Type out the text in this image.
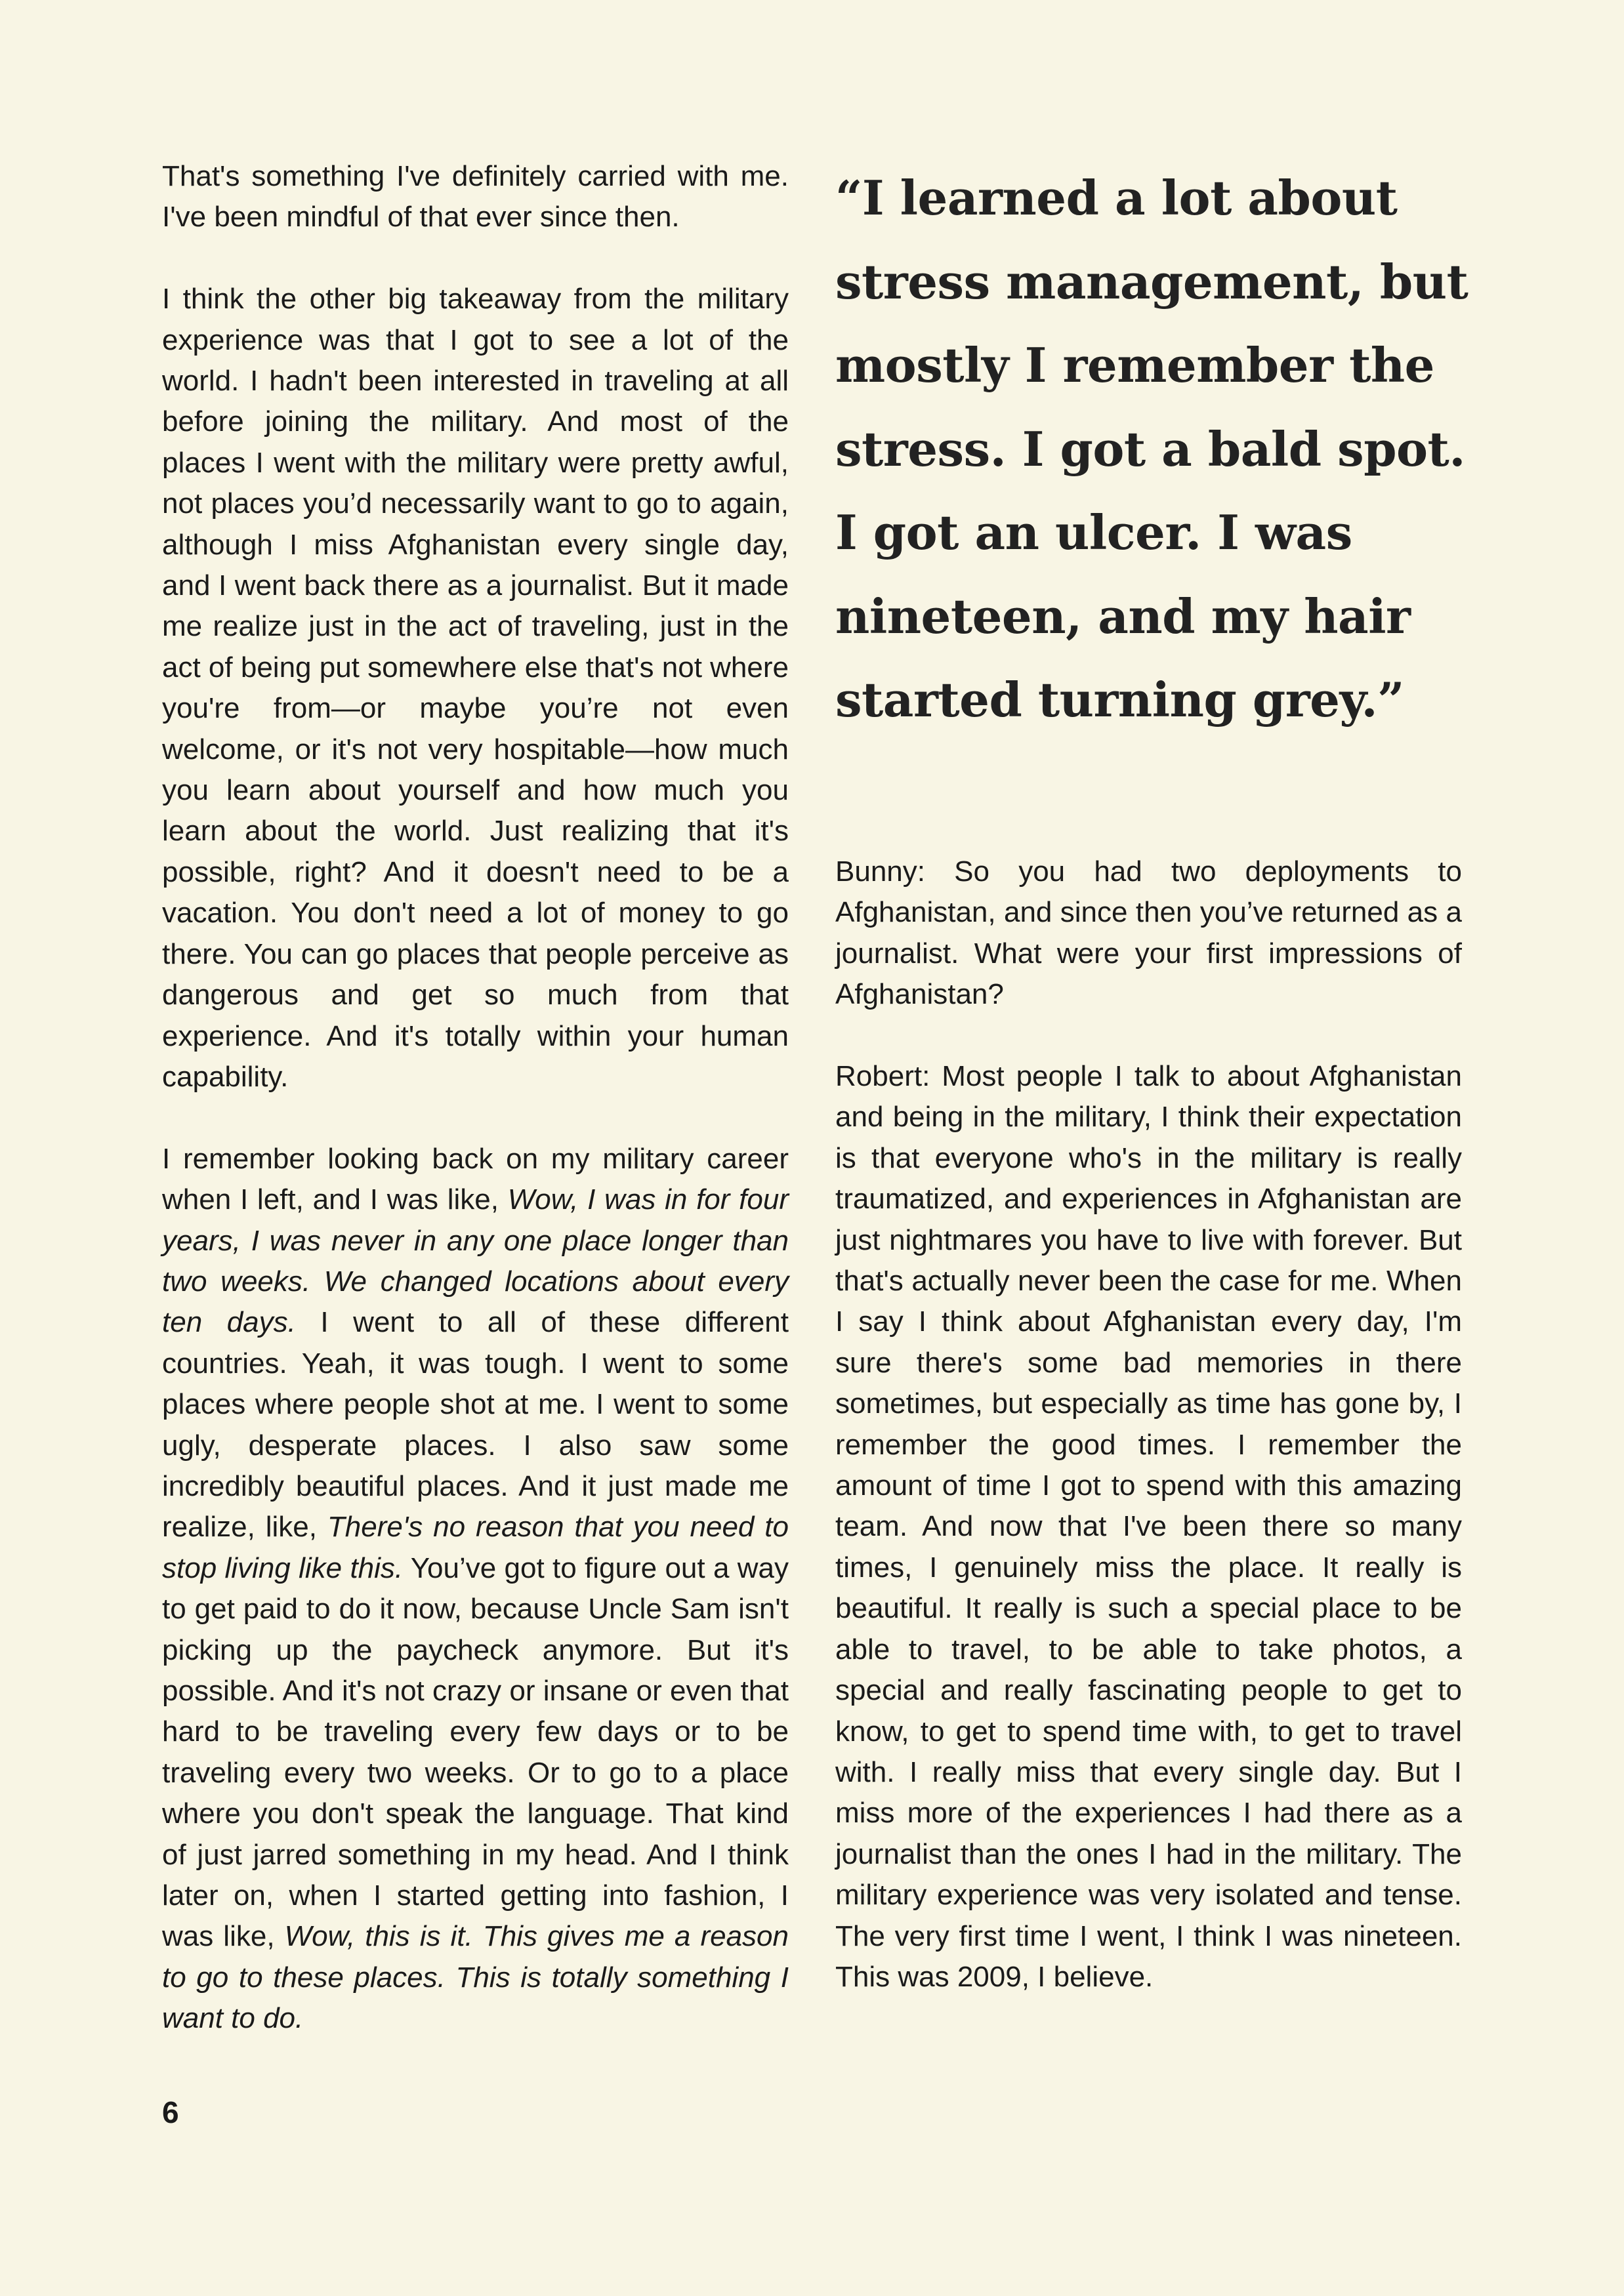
That's something I've definitely carried with me. I've been mindful of that ever since then.

I think the other big takeaway from the military experience was that I got to see a lot of the world. I hadn't been interested in traveling at all before joining the military. And most of the places I went with the military were pretty awful, not places you’d necessarily want to go to again, although I miss Afghanistan every single day, and I went back there as a journalist. But it made me realize just in the act of traveling, just in the act of being put somewhere else that's not where you're from—or maybe you’re not even welcome, or it's not very hospitable—how much you learn about yourself and how much you learn about the world. Just realizing that it's possible, right? And it doesn't need to be a vacation. You don't need a lot of money to go there. You can go places that people perceive as dangerous and get so much from that experience. And it's totally within your human capability.

I remember looking back on my military career when I left, and I was like, Wow, I was in for four years, I was never in any one place longer than two weeks. We changed locations about every ten days. I went to all of these different countries. Yeah, it was tough. I went to some places where people shot at me. I went to some ugly, desperate places. I also saw some incredibly beautiful places. And it just made me realize, like, There's no reason that you need to stop living like this. You’ve got to figure out a way to get paid to do it now, because Uncle Sam isn't picking up the paycheck anymore. But it's possible. And it's not crazy or insane or even that hard to be traveling every few days or to be traveling every two weeks. Or to go to a place where you don't speak the language. That kind of just jarred something in my head. And I think later on, when I started getting into fashion, I was like, Wow, this is it. This gives me a reason to go to these places. This is totally something I want to do.

“I learned a lot about stress management, but mostly I remember the stress. I got a bald spot. I got an ulcer. I was nineteen, and my hair started turning grey.”

Bunny: So you had two deployments to Afghanistan, and since then you’ve returned as a journalist. What were your first impressions of Afghanistan?

Robert: Most people I talk to about Afghanistan and being in the military, I think their expectation is that everyone who's in the military is really traumatized, and experiences in Afghanistan are just nightmares you have to live with forever. But that's actually never been the case for me. When I say I think about Afghanistan every day, I'm sure there's some bad memories in there sometimes, but especially as time has gone by, I remember the good times. I remember the amount of time I got to spend with this amazing team. And now that I've been there so many times, I genuinely miss the place. It really is beautiful. It really is such a special place to be able to travel, to be able to take photos, a special and really fascinating people to get to know, to get to spend time with, to get to travel with. I really miss that every single day. But I miss more of the experiences I had there as a journalist than the ones I had in the military. The military experience was very isolated and tense. The very first time I went, I think I was nineteen. This was 2009, I believe.

6
